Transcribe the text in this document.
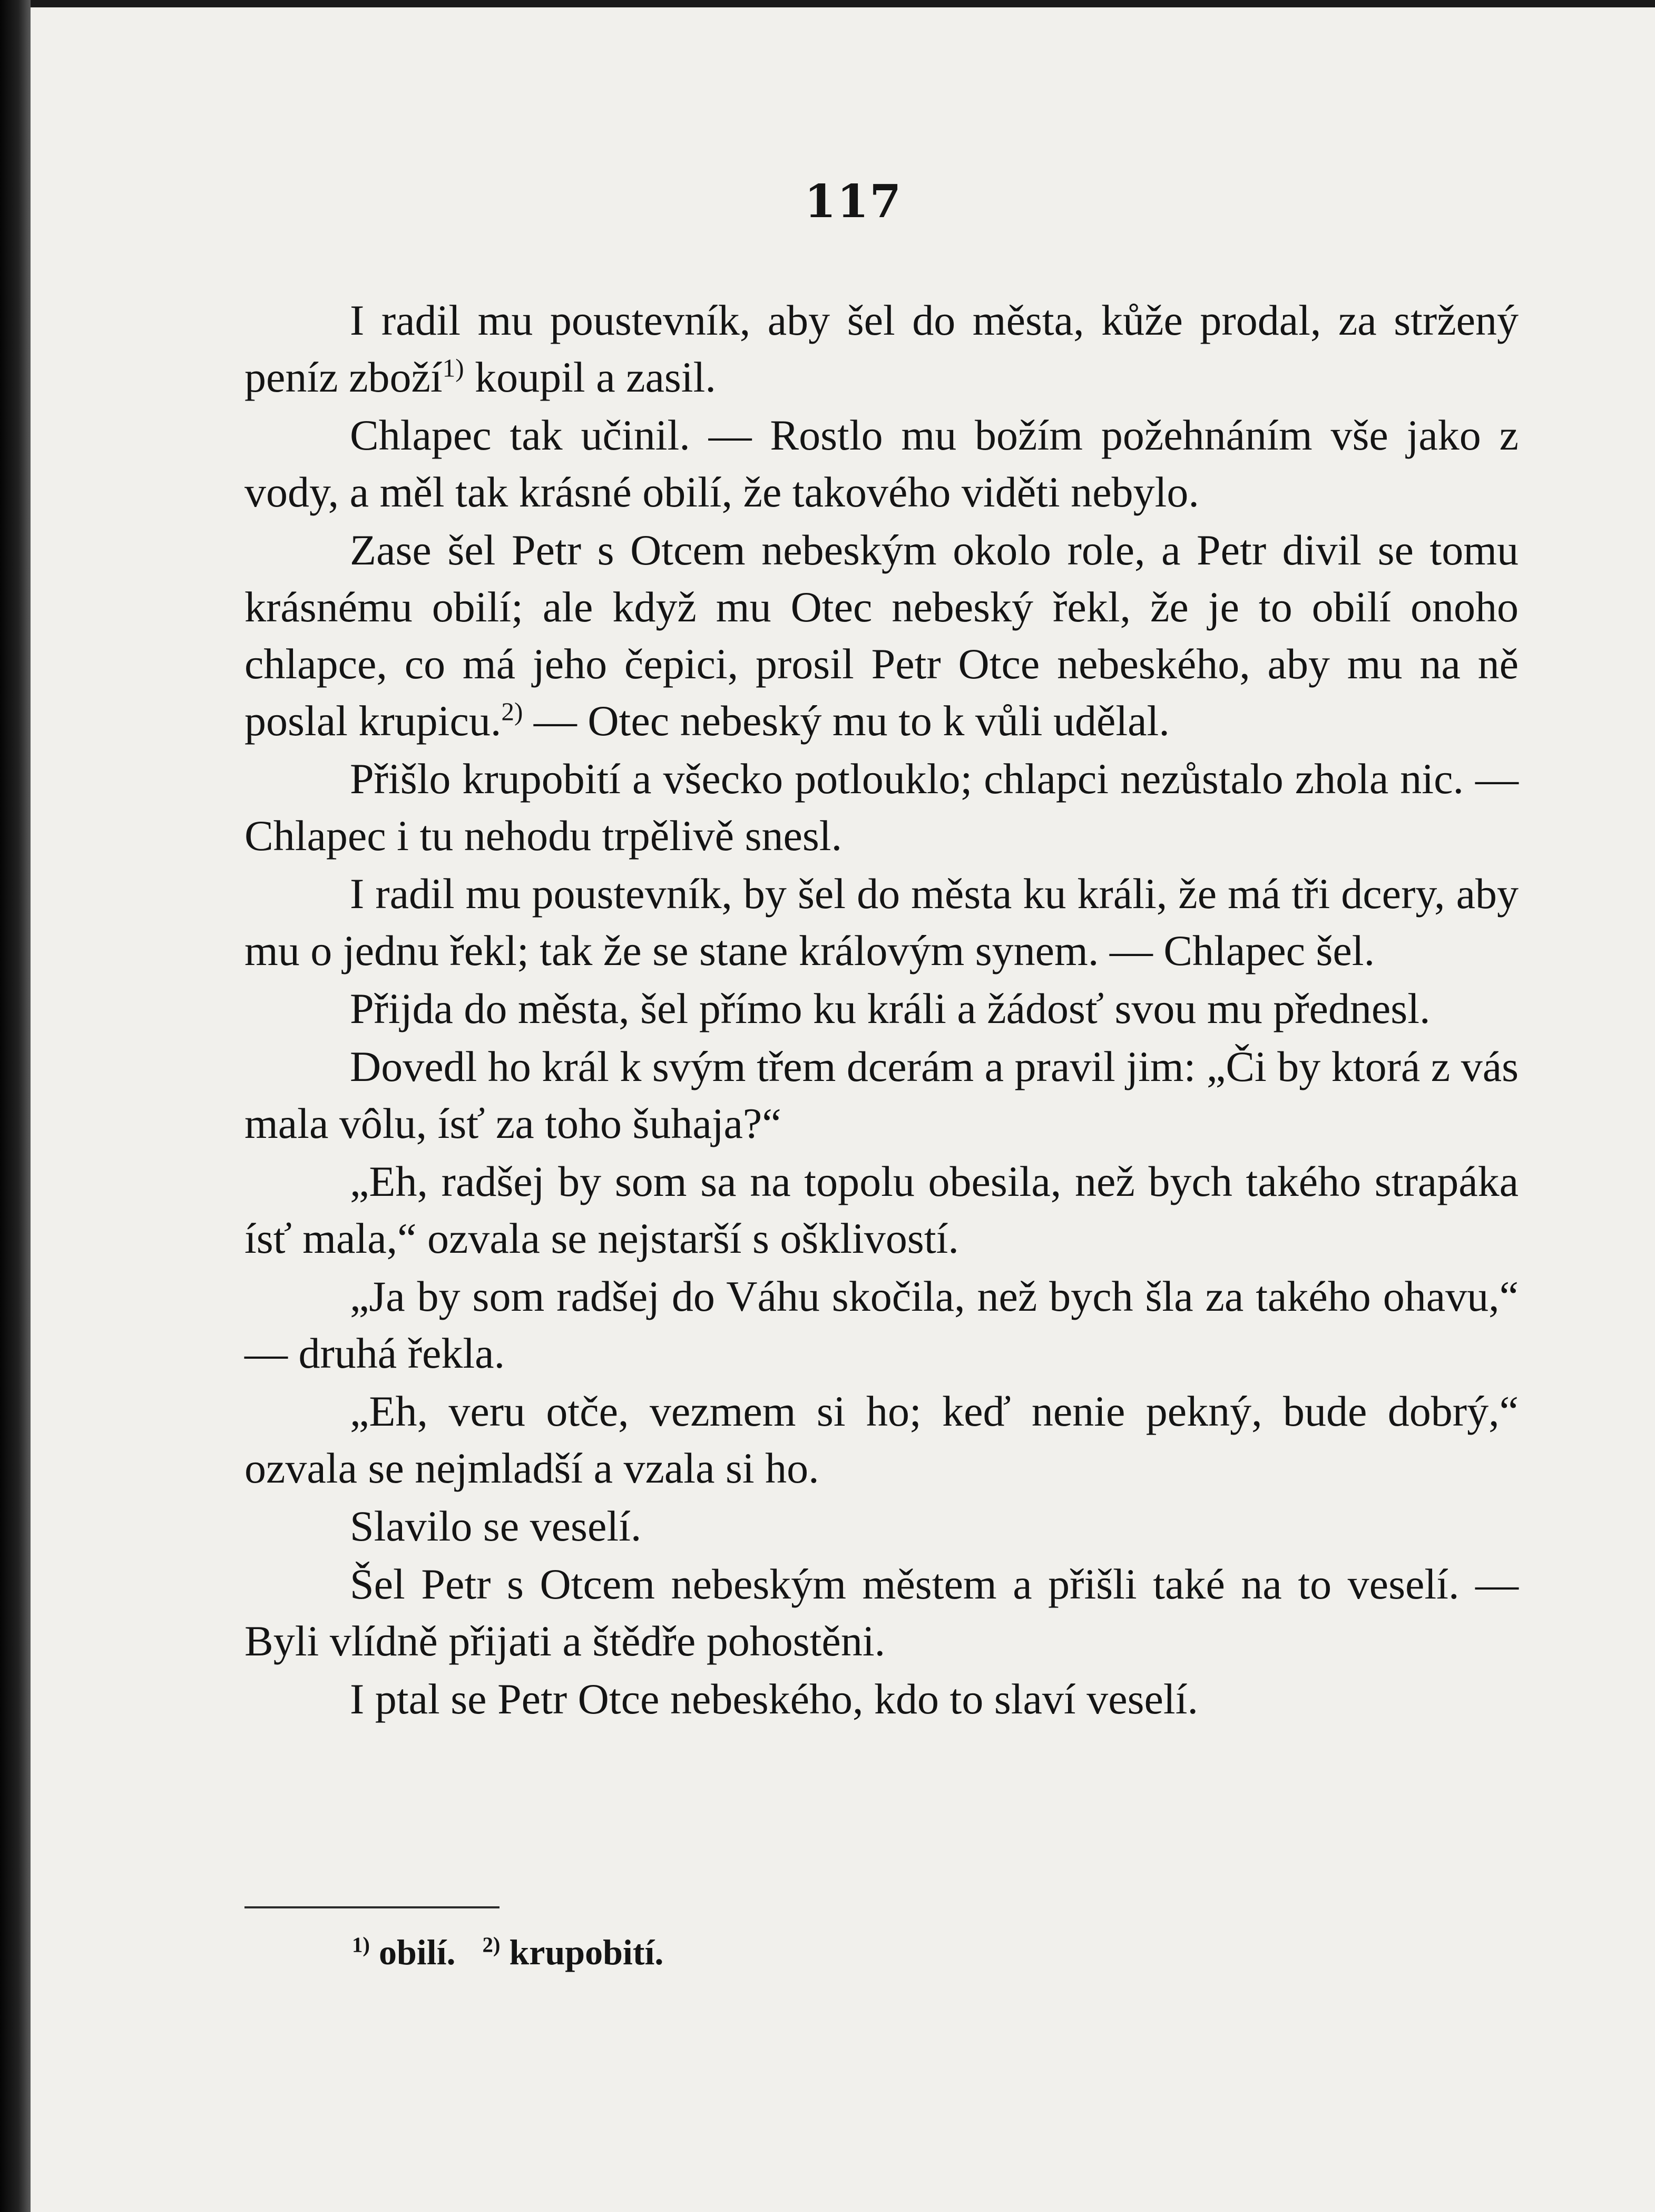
117

I radil mu poustevník, aby šel do města, kůže prodal, za stržený peníz zboží$^{1)}$ koupil a zasil.

Chlapec tak učinil. — Rostlo mu božím požehnáním vše jako z vody, a měl tak krásné obilí, že takového viděti nebylo.

Zase šel Petr s Otcem nebeským okolo role, a Petr divil se tomu krásnému obilí; ale když mu Otec nebeský řekl, že je to obilí onoho chlapce, co má jeho čepici, prosil Petr Otce nebeského, aby mu na ně poslal krupicu.$^{2)}$ — Otec nebeský mu to k vůli udělal.

Přišlo krupobití a všecko potlouklo; chlapci nezůstalo zhola nic. — Chlapec i tu nehodu trpělivě snesl.

I radil mu poustevník, by šel do města ku králi, že má tři dcery, aby mu o jednu řekl; tak že se stane královým synem. — Chlapec šel.

Přijda do města, šel přímo ku králi a žádosť svou mu přednesl.

Dovedl ho král k svým třem dcerám a pravil jim: „Či by ktorá z vás mala vôlu, ísť za toho šuhaja?“

„Eh, radšej by som sa na topolu obesila, než bych takého strapáka ísť mala,“ ozvala se nejstarší s ošklivostí.

„Ja by som radšej do Váhu skočila, než bych šla za takého ohavu,“ — druhá řekla.

„Eh, veru otče, vezmem si ho; keď nenie pekný, bude dobrý,“ ozvala se nejmladší a vzala si ho.

Slavilo se veselí.

Šel Petr s Otcem nebeským městem a přišli také na to veselí. — Byli vlídně přijati a štědře pohostěni.

I ptal se Petr Otce nebeského, kdo to slaví veselí.

$^{1)}$ obilí. $^{2)}$ krupobití.
